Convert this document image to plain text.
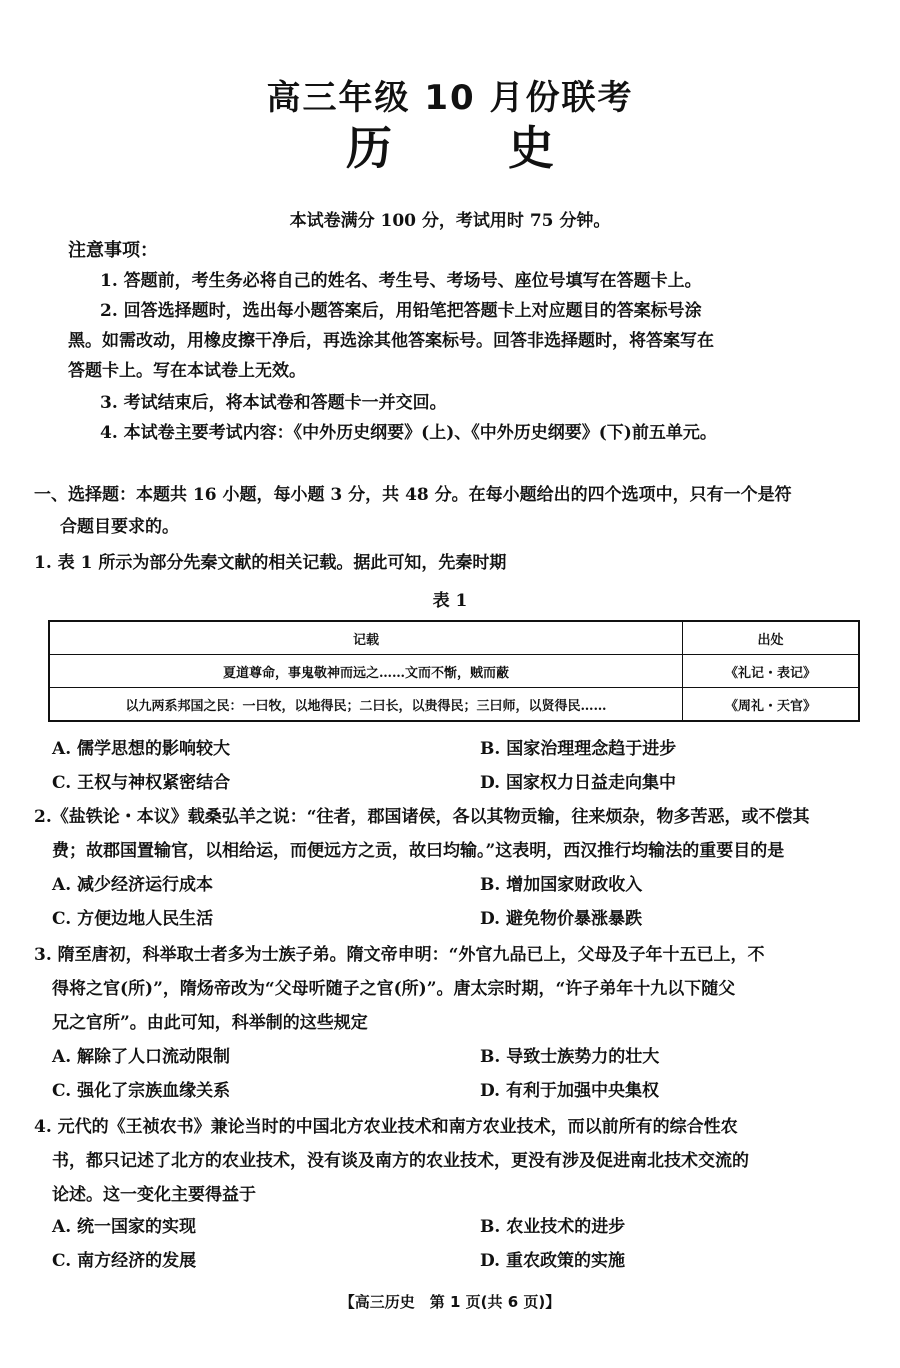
高三年级 10 月份联考
历 史
本试卷满分 100 分，考试用时 75 分钟。
注意事项：
1. 答题前，考生务必将自己的姓名、考生号、考场号、座位号填写在答题卡上。
2. 回答选择题时，选出每小题答案后，用铅笔把答题卡上对应题目的答案标号涂
黑。如需改动，用橡皮擦干净后，再选涂其他答案标号。回答非选择题时，将答案写在
答题卡上。写在本试卷上无效。
3. 考试结束后，将本试卷和答题卡一并交回。
4. 本试卷主要考试内容：《中外历史纲要》(上)、《中外历史纲要》(下)前五单元。
一、选择题：本题共 16 小题，每小题 3 分，共 48 分。在每小题给出的四个选项中，只有一个是符
合题目要求的。
1. 表 1 所示为部分先秦文献的相关记载。据此可知，先秦时期
表 1
记载	出处
夏道尊命，事鬼敬神而远之……文而不惭，贼而蔽	《礼记・表记》
以九两系邦国之民：一曰牧，以地得民；二曰长，以贵得民；三曰师，以贤得民……	《周礼・天官》
A. 儒学思想的影响较大	B. 国家治理理念趋于进步
C. 王权与神权紧密结合	D. 国家权力日益走向集中
2.《盐铁论・本议》载桑弘羊之说：“往者，郡国诸侯，各以其物贡输，往来烦杂，物多苦恶，或不偿其
费；故郡国置输官，以相给运，而便远方之贡，故曰均输。”这表明，西汉推行均输法的重要目的是
A. 减少经济运行成本	B. 增加国家财政收入
C. 方便边地人民生活	D. 避免物价暴涨暴跌
3. 隋至唐初，科举取士者多为士族子弟。隋文帝申明：“外官九品已上，父母及子年十五已上，不
得将之官(所)”，隋炀帝改为“父母听随子之官(所)”。唐太宗时期，“许子弟年十九以下随父
兄之官所”。由此可知，科举制的这些规定
A. 解除了人口流动限制	B. 导致士族势力的壮大
C. 强化了宗族血缘关系	D. 有利于加强中央集权
4. 元代的《王祯农书》兼论当时的中国北方农业技术和南方农业技术，而以前所有的综合性农
书，都只记述了北方的农业技术，没有谈及南方的农业技术，更没有涉及促进南北技术交流的
论述。这一变化主要得益于
A. 统一国家的实现	B. 农业技术的进步
C. 南方经济的发展	D. 重农政策的实施
【高三历史　第 1 页(共 6 页)】
